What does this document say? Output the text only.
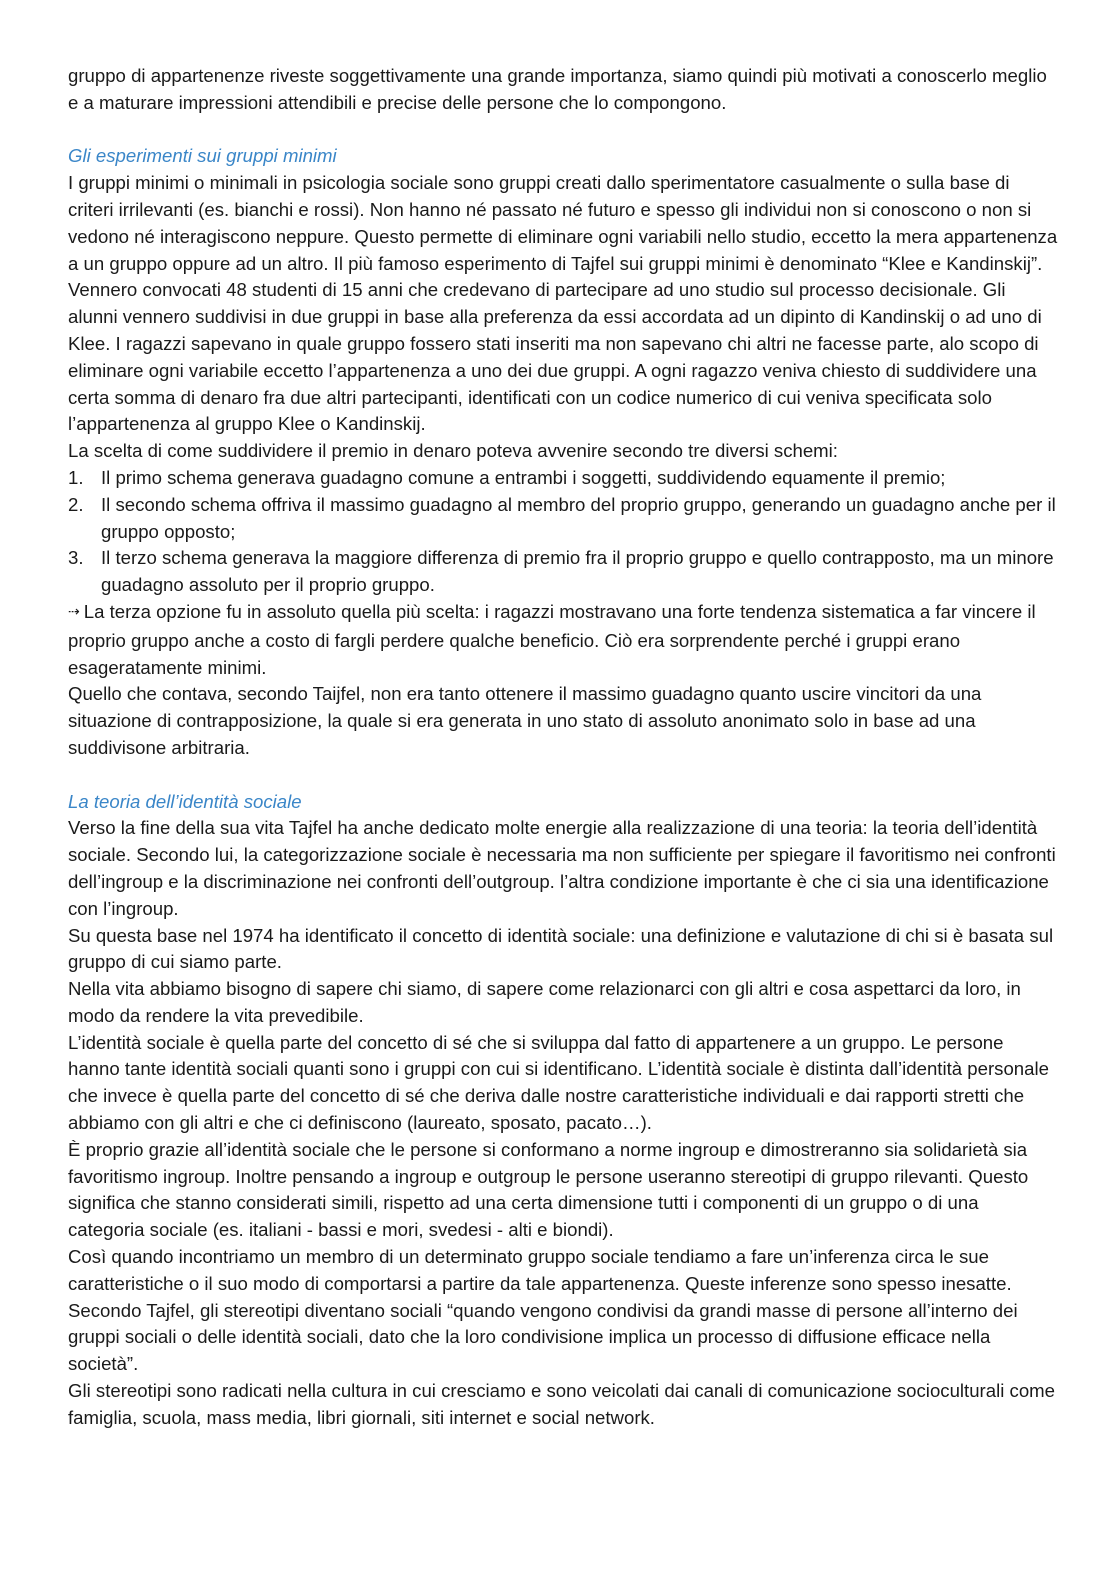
gruppo di appartenenze riveste soggettivamente una grande importanza, siamo quindi più motivati a conoscerlo meglio e a maturare impressioni attendibili e precise delle persone che lo compongono.

Gli esperimenti sui gruppi minimi

I gruppi minimi o minimali in psicologia sociale sono gruppi creati dallo sperimentatore casualmente o sulla base di criteri irrilevanti (es. bianchi e rossi). Non hanno né passato né futuro e spesso gli individui non si conoscono o non si vedono né interagiscono neppure. Questo permette di eliminare ogni variabili nello studio, eccetto la mera appartenenza a un gruppo oppure ad un altro. Il più famoso esperimento di Tajfel sui gruppi minimi è denominato “Klee e Kandinskij”.

Vennero convocati 48 studenti di 15 anni che credevano di partecipare ad uno studio sul processo decisionale. Gli alunni vennero suddivisi in due gruppi in base alla preferenza da essi accordata ad un dipinto di Kandinskij o ad uno di Klee. I ragazzi sapevano in quale gruppo fossero stati inseriti ma non sapevano chi altri ne facesse parte, alo scopo di eliminare ogni variabile eccetto l’appartenenza a uno dei due gruppi. A ogni ragazzo veniva chiesto di suddividere una certa somma di denaro fra due altri partecipanti, identificati con un codice numerico di cui veniva specificata solo l’appartenenza al gruppo Klee o Kandinskij.

La scelta di come suddividere il premio in denaro poteva avvenire secondo tre diversi schemi:

1. Il primo schema generava guadagno comune a entrambi i soggetti, suddividendo equamente il premio;
2. Il secondo schema offriva il massimo guadagno al membro del proprio gruppo, generando un guadagno anche per il gruppo opposto;
3. Il terzo schema generava la maggiore differenza di premio fra il proprio gruppo e quello contrapposto, ma un minore guadagno assoluto per il proprio gruppo.

⇢ La terza opzione fu in assoluto quella più scelta: i ragazzi mostravano una forte tendenza sistematica a far vincere il proprio gruppo anche a costo di fargli perdere qualche beneficio. Ciò era sorprendente perché i gruppi erano esageratamente minimi.

Quello che contava, secondo Taijfel, non era tanto ottenere il massimo guadagno quanto uscire vincitori da una situazione di contrapposizione, la quale si era generata in uno stato di assoluto anonimato solo in base ad una suddivisone arbitraria.

La teoria dell’identità sociale

Verso la fine della sua vita Tajfel ha anche dedicato molte energie alla realizzazione di una teoria: la teoria dell’identità sociale. Secondo lui, la categorizzazione sociale è necessaria ma non sufficiente per spiegare il favoritismo nei confronti dell’ingroup e la discriminazione nei confronti dell’outgroup. l’altra condizione importante è che ci sia una identificazione con l’ingroup.

Su questa base nel 1974 ha identificato il concetto di identità sociale: una definizione e valutazione di chi si è basata sul gruppo di cui siamo parte.

Nella vita abbiamo bisogno di sapere chi siamo, di sapere come relazionarci con gli altri e cosa aspettarci da loro, in modo da rendere la vita prevedibile.

L’identità sociale è quella parte del concetto di sé che si sviluppa dal fatto di appartenere a un gruppo. Le persone hanno tante identità sociali quanti sono i gruppi con cui si identificano. L’identità sociale è distinta dall’identità personale che invece è quella parte del concetto di sé che deriva dalle nostre caratteristiche individuali e dai rapporti stretti che abbiamo con gli altri e che ci definiscono (laureato, sposato, pacato…).

È proprio grazie all’identità sociale che le persone si conformano a norme ingroup e dimostreranno sia solidarietà sia favoritismo ingroup. Inoltre pensando a ingroup e outgroup le persone useranno stereotipi di gruppo rilevanti. Questo significa che stanno considerati simili, rispetto ad una certa dimensione tutti i componenti di un gruppo o di una categoria sociale (es. italiani - bassi e mori, svedesi - alti e biondi).

Così quando incontriamo un membro di un determinato gruppo sociale tendiamo a fare un’inferenza circa le sue caratteristiche o il suo modo di comportarsi a partire da tale appartenenza. Queste inferenze sono spesso inesatte. Secondo Tajfel, gli stereotipi diventano sociali “quando vengono condivisi da grandi masse di persone all’interno dei gruppi sociali o delle identità sociali, dato che la loro condivisione implica un processo di diffusione efficace nella società”.

Gli stereotipi sono radicati nella cultura in cui cresciamo e sono veicolati dai canali di comunicazione socioculturali come famiglia, scuola, mass media, libri giornali, siti internet e social network.
